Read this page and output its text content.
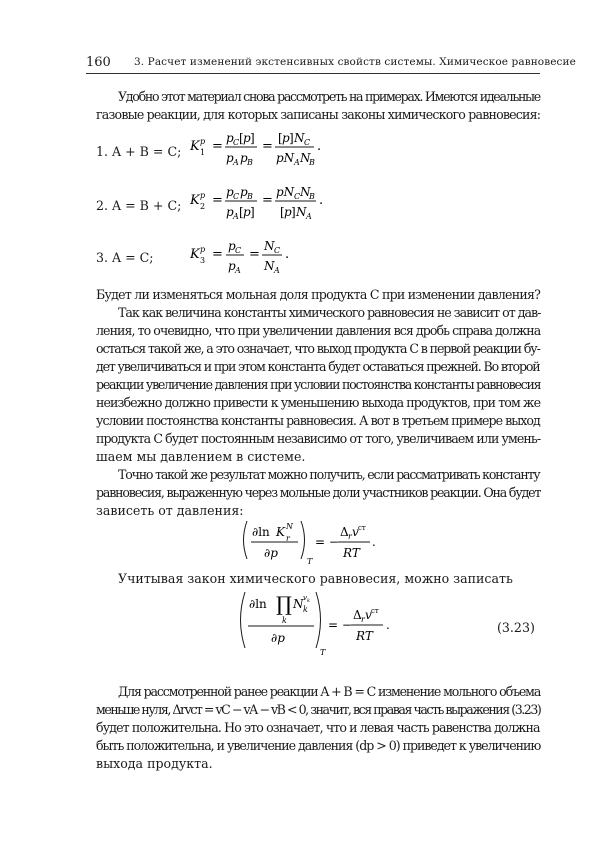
160 3. Расчет изменений экстенсивных свойств системы. Химическое равновесие
Удобно этот материал снова рассмотреть на примерах. Имеются идеальные
газовые реакции, для которых записаны законы химического равновесия:
1. A + B = C; K p
1 =
p C [ p ]
p A p B
=
[ p ] N C
pN A N
B
.
2. A = B + C; K p
2 =
p C p B
p A [ p ]
=
pN C N
B
[ p ] N A
.
3. A = C;	K p
3 =
p C
p A
=
N C
N A
.
Будет ли изменяться мольная доля продукта C при изменении давления?
Так как величина константы химического равновесия не зависит от дав-
ления, то очевидно, что при увеличении давления вся дробь справа должна
остаться такой же, а это означает, что выход продукта C в первой реакции бу-
дет увеличиваться и при этом константа будет оставаться прежней. Во второй
реакции увеличение давления при условии постоянства константы равновесия
неизбежно должно привести к уменьшению выхода продуктов, при том же
условии постоянства константы равновесия. А вот в третьем примере выход
продукта C будет постоянным независимо от того, увеличиваем или умень-
шаем мы давлением в системе.
Точно такой же результат можно получить, если рассматривать константу
равновесия, выраженную через мольные доли участников реакции. Она будет
зависеть от давления:
∂ln K N
r
∂p
T
= −
Δ r v ст
RT
.
Учитывая закон химического равновесия, можно записать
∂ln ∏
k
N k
v k
∂p
T
= −
Δ r v ст
RT
.	(3.23)
Для рассмотренной ранее реакции A + B = C изменение мольного объема
меньше нуля, Δrvст = vC − vA − vB < 0, значит, вся правая часть выражения (3.23)
будет положительна. Но это означает, что и левая часть равенства должна
быть положительна, и увеличение давления (dp > 0) приведет к увеличению
выхода продукта.
